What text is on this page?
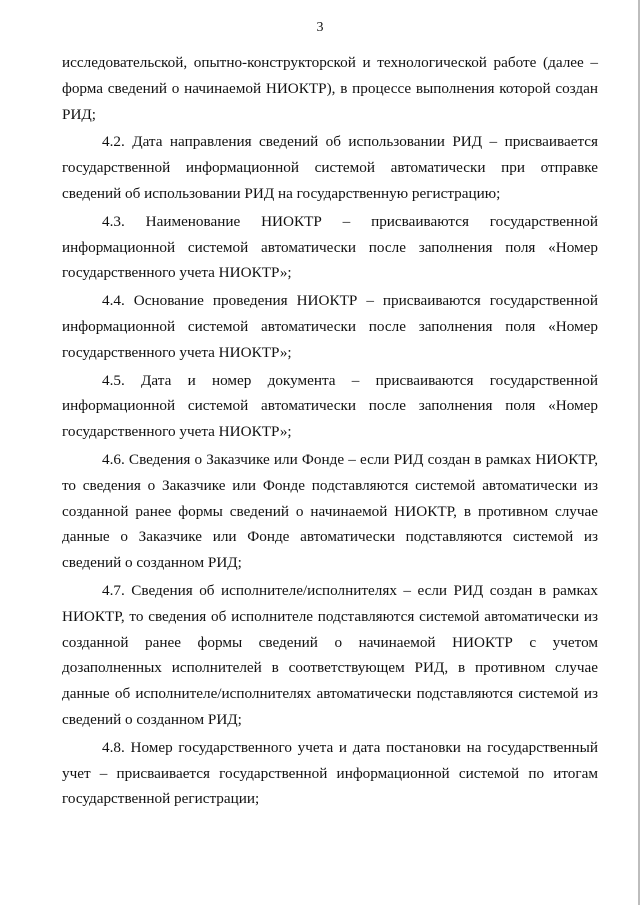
3

исследовательской, опытно-конструкторской и технологической работе (далее – форма сведений о начинаемой НИОКТР), в процессе выполнения которой создан РИД;

4.2. Дата направления сведений об использовании РИД – присваивается государственной информационной системой автоматически при отправке сведений об использовании РИД на государственную регистрацию;

4.3. Наименование НИОКТР – присваиваются государственной информационной системой автоматически после заполнения поля «Номер государственного учета НИОКТР»;

4.4. Основание проведения НИОКТР – присваиваются государственной информационной системой автоматически после заполнения поля «Номер государственного учета НИОКТР»;

4.5. Дата и номер документа – присваиваются государственной информационной системой автоматически после заполнения поля «Номер государственного учета НИОКТР»;

4.6. Сведения о Заказчике или Фонде – если РИД создан в рамках НИОКТР, то сведения о Заказчике или Фонде подставляются системой автоматически из созданной ранее формы сведений о начинаемой НИОКТР, в противном случае данные о Заказчике или Фонде автоматически подставляются системой из сведений о созданном РИД;

4.7. Сведения об исполнителе/исполнителях – если РИД создан в рамках НИОКТР, то сведения об исполнителе подставляются системой автоматически из созданной ранее формы сведений о начинаемой НИОКТР с учетом дозаполненных исполнителей в соответствующем РИД, в противном случае данные об исполнителе/исполнителях автоматически подставляются системой из сведений о созданном РИД;

4.8. Номер государственного учета и дата постановки на государственный учет – присваивается государственной информационной системой по итогам государственной регистрации;
